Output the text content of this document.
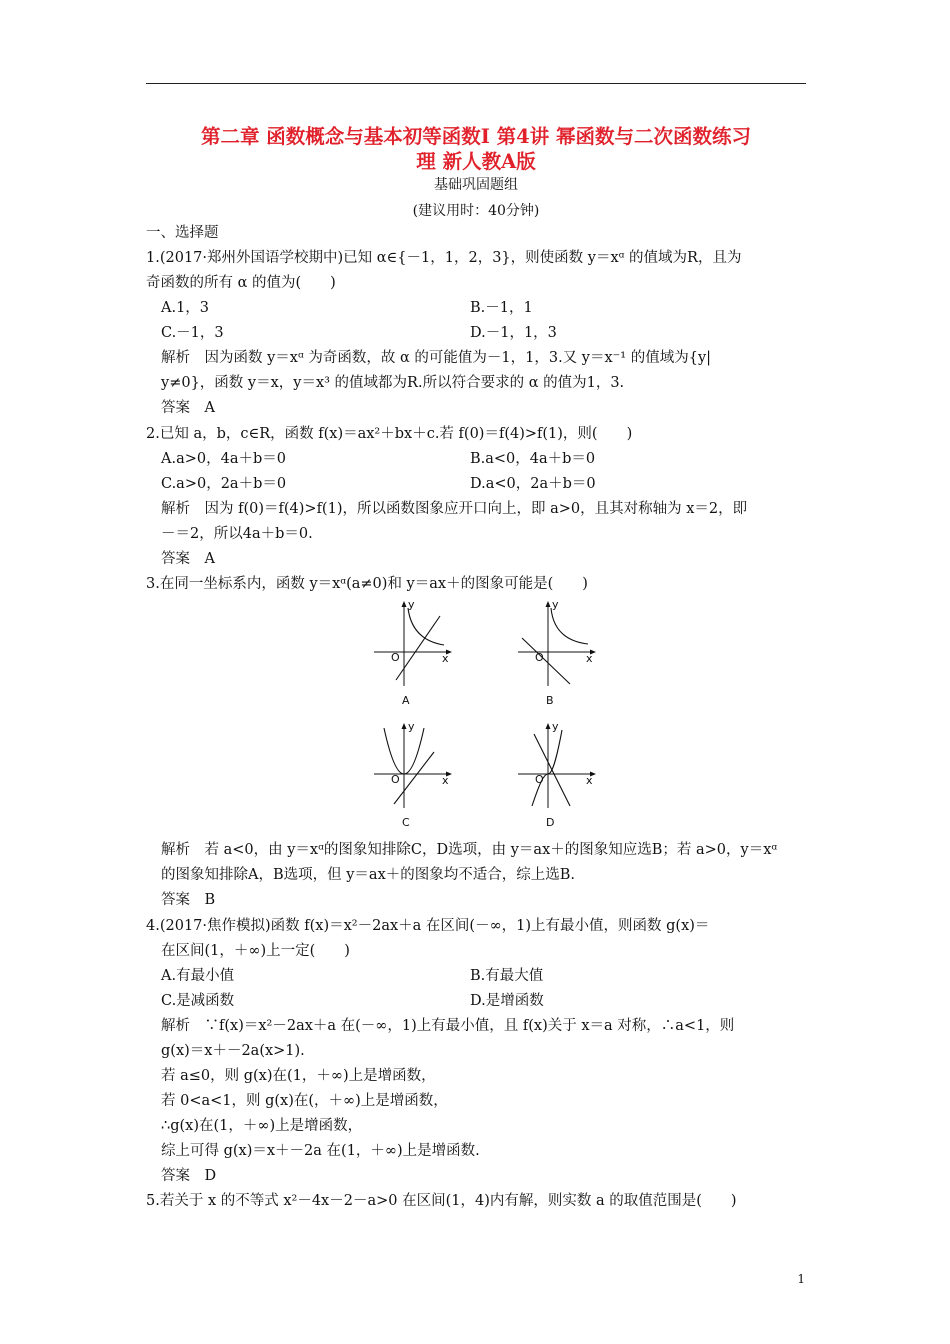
第二章 函数概念与基本初等函数Ⅰ 第4讲 幂函数与二次函数练习
理 新人教A版
基础巩固题组
(建议用时：40分钟)
一、选择题
1.(2017·郑州外国语学校期中)已知 α∈{－1，1，2，3}，则使函数 y＝xᵅ 的值域为R，且为
奇函数的所有 α 的值为(　　)
A.1，3	B.－1，1
C.－1，3	D.－1，1，3
解析　因为函数 y＝xᵅ 为奇函数，故 α 的可能值为－1，1，3.又 y＝x⁻¹ 的值域为{y|
y≠0}，函数 y＝x，y＝x³ 的值域都为R.所以符合要求的 α 的值为1，3.
答案　A
2.已知 a，b，c∈R，函数 f(x)＝ax²＋bx＋c.若 f(0)＝f(4)>f(1)，则(　　)
A.a>0，4a＋b＝0	B.a<0，4a＋b＝0
C.a>0，2a＋b＝0	D.a<0，2a＋b＝0
解析　因为 f(0)＝f(4)>f(1)，所以函数图象应开口向上，即 a>0，且其对称轴为 x＝2，即
－＝2，所以4a＋b＝0.
答案　A
3.在同一坐标系内，函数 y＝xᵅ(a≠0)和 y＝ax＋的图象可能是(　　)
y
x
O
A
y
x
O
B
y
x
O
C
y
x
O
D
解析　若 a<0，由 y＝xᵅ的图象知排除C，D选项，由 y＝ax＋的图象知应选B；若 a>0，y＝xᵅ
的图象知排除A，B选项，但 y＝ax＋的图象均不适合，综上选B.
答案　B
4.(2017·焦作模拟)函数 f(x)＝x²－2ax＋a 在区间(－∞，1)上有最小值，则函数 g(x)＝
在区间(1，＋∞)上一定(　　)
A.有最小值	B.有最大值
C.是减函数	D.是增函数
解析　∵f(x)＝x²－2ax＋a 在(－∞，1)上有最小值，且 f(x)关于 x＝a 对称，∴a<1，则
g(x)＝x＋－2a(x>1).
若 a≤0，则 g(x)在(1，＋∞)上是增函数，
若 0<a<1，则 g(x)在(，＋∞)上是增函数，
∴g(x)在(1，＋∞)上是增函数，
综上可得 g(x)＝x＋－2a 在(1，＋∞)上是增函数.
答案　D
5.若关于 x 的不等式 x²－4x－2－a>0 在区间(1，4)内有解，则实数 a 的取值范围是(　　)
1
